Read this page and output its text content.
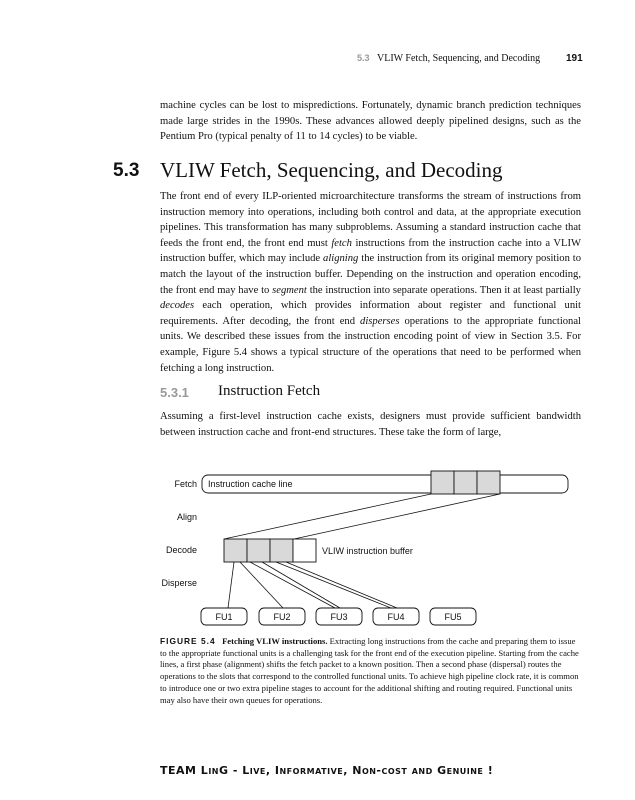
5.3 VLIW Fetch, Sequencing, and Decoding	191

machine cycles can be lost to mispredictions. Fortunately, dynamic branch prediction techniques made large strides in the 1990s. These advances allowed deeply pipelined designs, such as the Pentium Pro (typical penalty of 11 to 14 cycles) to be viable.

5.3 VLIW Fetch, Sequencing, and Decoding

The front end of every ILP-oriented microarchitecture transforms the stream of instructions from instruction memory into operations, including both control and data, at the appropriate execution pipelines. This transformation has many subproblems. Assuming a standard instruction cache that feeds the front end, the front end must fetch instructions from the instruction cache into a VLIW instruction buffer, which may include aligning the instruction from its original memory position to match the layout of the instruction buffer. Depending on the instruction and operation encoding, the front end may have to segment the instruction into separate operations. Then it at least partially decodes each operation, which provides information about register and functional unit requirements. After decoding, the front end disperses operations to the appropriate functional units. We described these issues from the instruction encoding point of view in Section 3.5. For example, Figure 5.4 shows a typical structure of the operations that need to be performed when fetching a long instruction.

5.3.1 Instruction Fetch

Assuming a first-level instruction cache exists, designers must provide sufficient bandwidth between instruction cache and front-end structures. These take the form of large,

Fetch
Align
Decode
Disperse
Instruction cache line
VLIW instruction buffer
FU1	FU2	FU3	FU4	FU5

FIGURE 5.4 Fetching VLIW instructions. Extracting long instructions from the cache and preparing them to issue to the appropriate functional units is a challenging task for the front end of the execution pipeline. Starting from the cache lines, a first phase (alignment) shifts the fetch packet to a known position. Then a second phase (dispersal) routes the operations to the slots that correspond to the controlled functional units. To achieve high pipeline clock rate, it is common to introduce one or two extra pipeline stages to account for the additional shifting and routing required. Functional units may also have their own queues for operations.

TEAM LinG - Live, Informative, Non-cost and Genuine !
